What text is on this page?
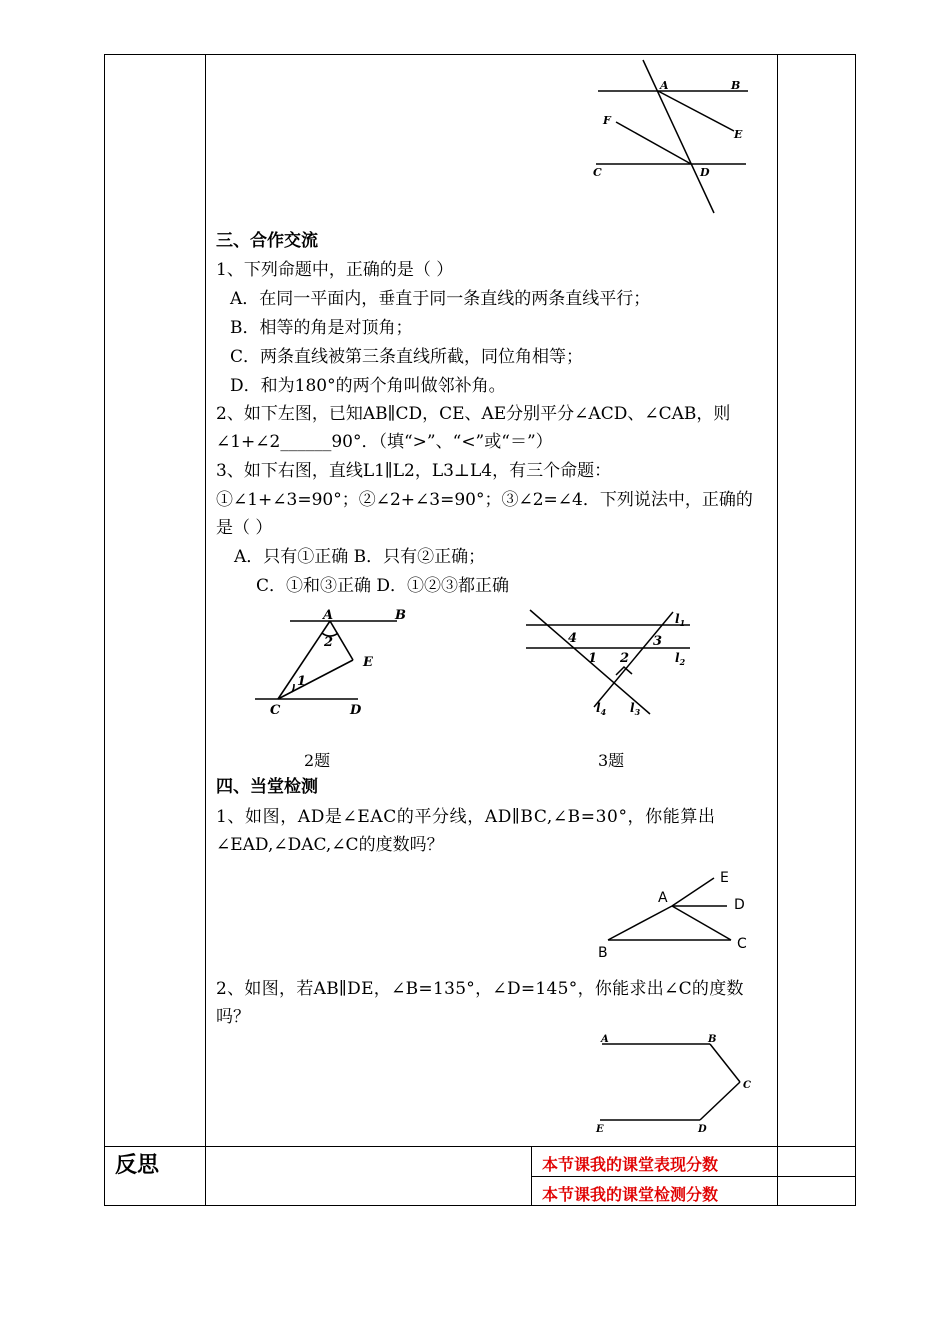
A	B
F
E
C	D
三、合作交流
1、下列命题中，正确的是（ ）
A．在同一平面内，垂直于同一条直线的两条直线平行；
B．相等的角是对顶角；
C．两条直线被第三条直线所截，同位角相等；
D．和为180°的两个角叫做邻补角。
2、如下左图，已知AB∥CD，CE、AE分别平分∠ACD、∠CAB，则
∠1+∠2______90°．（填“>”、“<”或“＝”）
3、如下右图，直线L1∥L2，L3⊥L4，有三个命题：
①∠1+∠3=90°；②∠2+∠3=90°；③∠2=∠4．下列说法中，正确的
是（ ）
A．只有①正确 B．只有②正确；
C．①和③正确 D．①②③都正确
A	B
2
E
1
C	D
$l_1$
$l_2$
4	3
1 2
$l_4$ $l_3$
2题	3题
四、当堂检测
1、如图，AD是∠EAC的平分线，AD∥BC,∠B=30°，你能算出
∠EAD,∠DAC,∠C的度数吗？
A
E
D
C
B
2、如图，若AB∥DE，∠B=135°，∠D=145°，你能求出∠C的度数
吗？
A	B
C
D
E
反思	本节课我的课堂表现分数
本节课我的课堂检测分数
